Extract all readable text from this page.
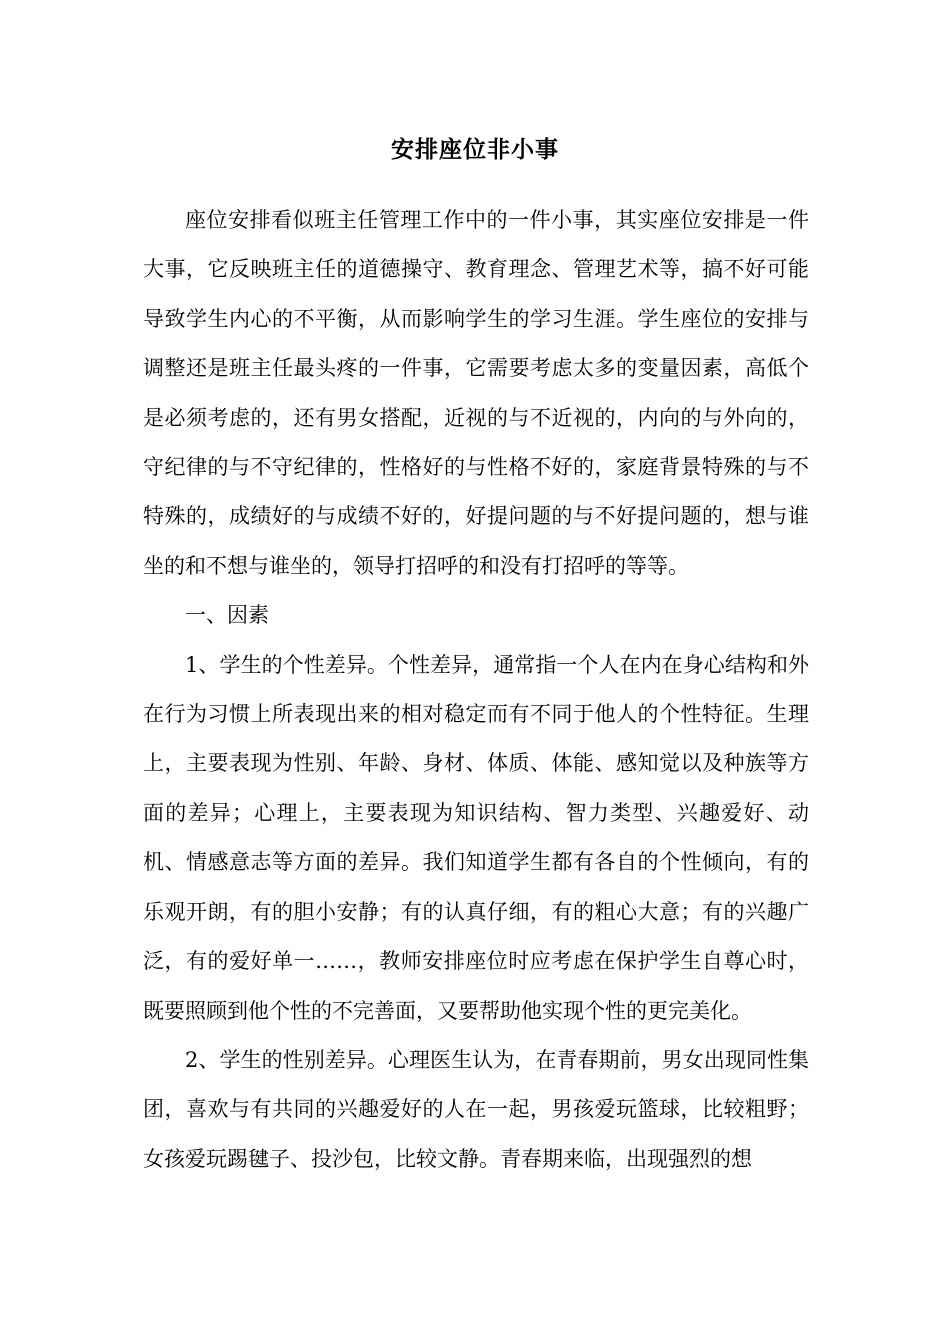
安排座位非小事

座位安排看似班主任管理工作中的一件小事，其实座位安排是一件大事，它反映班主任的道德操守、教育理念、管理艺术等，搞不好可能导致学生内心的不平衡，从而影响学生的学习生涯。学生座位的安排与调整还是班主任最头疼的一件事，它需要考虑太多的变量因素，高低个是必须考虑的，还有男女搭配，近视的与不近视的，内向的与外向的，守纪律的与不守纪律的，性格好的与性格不好的，家庭背景特殊的与不特殊的，成绩好的与成绩不好的，好提问题的与不好提问题的，想与谁坐的和不想与谁坐的，领导打招呼的和没有打招呼的等等。

一、因素

1、学生的个性差异。个性差异，通常指一个人在内在身心结构和外在行为习惯上所表现出来的相对稳定而有不同于他人的个性特征。生理上，主要表现为性别、年龄、身材、体质、体能、感知觉以及种族等方面的差异；心理上，主要表现为知识结构、智力类型、兴趣爱好、动机、情感意志等方面的差异。我们知道学生都有各自的个性倾向，有的乐观开朗，有的胆小安静；有的认真仔细，有的粗心大意；有的兴趣广泛，有的爱好单一……，教师安排座位时应考虑在保护学生自尊心时，既要照顾到他个性的不完善面，又要帮助他实现个性的更完美化。

2、学生的性别差异。心理医生认为，在青春期前，男女出现同性集团，喜欢与有共同的兴趣爱好的人在一起，男孩爱玩篮球，比较粗野；女孩爱玩踢毽子、投沙包，比较文静。青春期来临，出现强烈的想
